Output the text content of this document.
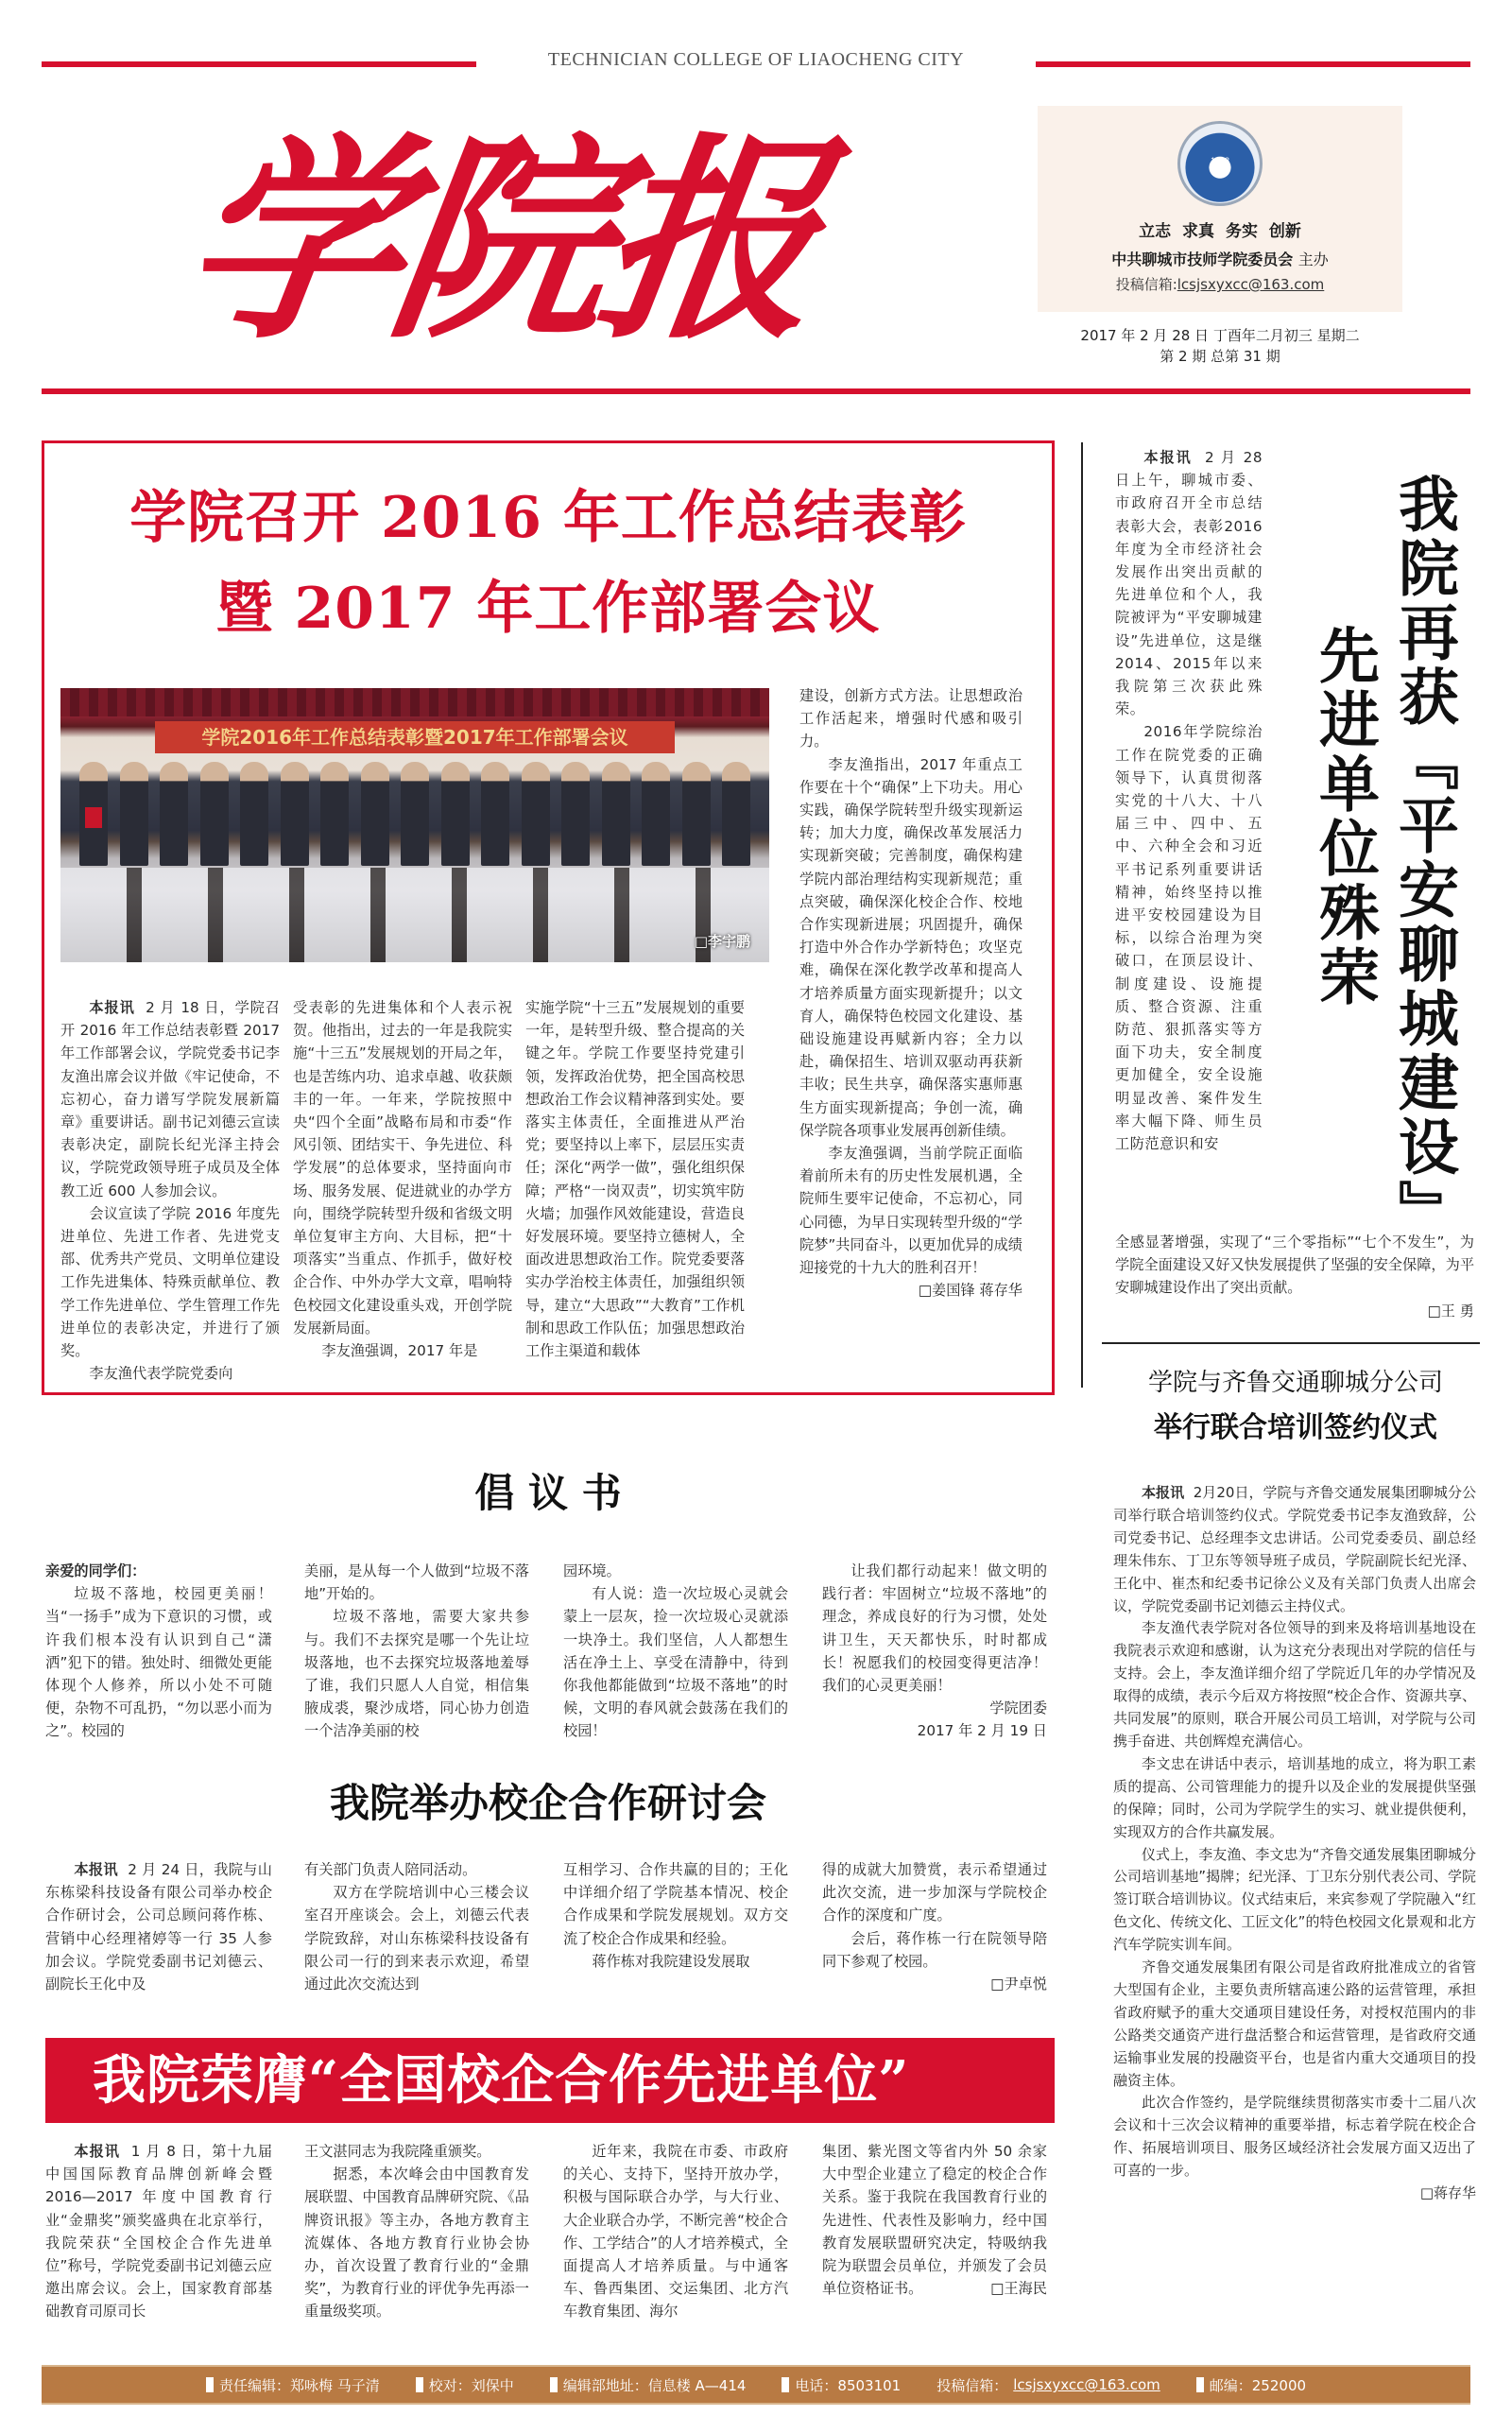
TECHNICIAN COLLEGE OF LIAOCHENG CITY
学院报	1953
立志 求真 务实 创新
中共聊城市技师学院委员会 主办
投稿信箱:lcsjsxyxcc@163.com
2017 年 2 月 28 日 丁酉年二月初三 星期二
第 2 期 总第 31 期
学院召开 2016 年工作总结表彰
暨 2017 年工作部署会议
学院2016年工作总结表彰暨2017年工作部署会议
□李宇鹏

本报讯 2 月 18 日，学院召开 2016 年工作总结表彰暨 2017 年工作部署会议，学院党委书记李友渔出席会议并做《牢记使命，不忘初心，奋力谱写学院发展新篇章》重要讲话。副书记刘德云宣读表彰决定，副院长纪光泽主持会议，学院党政领导班子成员及全体教工近 600 人参加会议。

会议宣读了学院 2016 年度先进单位、先进工作者、先进党支部、优秀共产党员、文明单位建设工作先进集体、特殊贡献单位、教学工作先进单位、学生管理工作先进单位的表彰决定，并进行了颁奖。

李友渔代表学院党委向

受表彰的先进集体和个人表示祝贺。他指出，过去的一年是我院实施“十三五”发展规划的开局之年，也是苦练内功、追求卓越、收获颇丰的一年。一年来，学院按照中央“四个全面”战略布局和市委“作风引领、团结实干、争先进位、科学发展”的总体要求，坚持面向市场、服务发展、促进就业的办学方向，围绕学院转型升级和省级文明单位复审主方向、大目标，把“十项落实”当重点、作抓手，做好校企合作、中外办学大文章，唱响特色校园文化建设重头戏，开创学院发展新局面。

李友渔强调，2017 年是

实施学院“十三五”发展规划的重要一年，是转型升级、整合提高的关键之年。学院工作要坚持党建引领，发挥政治优势，把全国高校思想政治工作会议精神落到实处。要落实主体责任，全面推进从严治党；要坚持以上率下，层层压实责任；深化“两学一做”，强化组织保障；严格“一岗双责”，切实筑牢防火墙；加强作风效能建设，营造良好发展环境。要坚持立德树人，全面改进思想政治工作。院党委要落实办学治校主体责任，加强组织领导，建立“大思政”“大教育”工作机制和思政工作队伍；加强思想政治工作主渠道和载体

建设，创新方式方法。让思想政治工作活起来，增强时代感和吸引力。

李友渔指出，2017 年重点工作要在十个“确保”上下功夫。用心实践，确保学院转型升级实现新运转；加大力度，确保改革发展活力实现新突破；完善制度，确保构建学院内部治理结构实现新规范；重点突破，确保深化校企合作、校地合作实现新进展；巩固提升，确保打造中外合作办学新特色；攻坚克难，确保在深化教学改革和提高人才培养质量方面实现新提升；以文育人，确保特色校园文化建设、基础设施建设再赋新内容；全力以赴，确保招生、培训双驱动再获新丰收；民生共享，确保落实惠师惠生方面实现新提高；争创一流，确保学院各项事业发展再创新佳绩。

李友渔强调，当前学院正面临着前所未有的历史性发展机遇，全院师生要牢记使命，不忘初心，同心同德，为早日实现转型升级的“学院梦”共同奋斗，以更加优异的成绩迎接党的十九大的胜利召开！

□姜国锋 蒋存华

本报讯 2 月 28 日上午，聊城市委、市政府召开全市总结表彰大会，表彰2016年度为全市经济社会发展作出突出贡献的先进单位和个人，我院被评为“平安聊城建设”先进单位，这是继2014、2015年以来我院第三次获此殊荣。

2016年学院综治工作在院党委的正确领导下，认真贯彻落实党的十八大、十八届三中、四中、五中、六种全会和习近平书记系列重要讲话精神，始终坚持以推进平安校园建设为目标，以综合治理为突破口，在顶层设计、制度建设、设施提质、整合资源、注重防范、狠抓落实等方面下功夫，安全制度更加健全，安全设施明显改善、案件发生率大幅下降、师生员工防范意识和安	我院再获『平安聊城建设』
先进单位殊荣

全感显著增强，实现了“三个零指标”“七个不发生”，为学院全面建设又好又快发展提供了坚强的安全保障，为平安聊城建设作出了突出贡献。

□王 勇

学院与齐鲁交通聊城分公司
举行联合培训签约仪式

本报讯 2月20日，学院与齐鲁交通发展集团聊城分公司举行联合培训签约仪式。学院党委书记李友渔致辞，公司党委书记、总经理李文忠讲话。公司党委委员、副总经理朱伟东、丁卫东等领导班子成员，学院副院长纪光泽、王化中、崔杰和纪委书记徐公义及有关部门负责人出席会议，学院党委副书记刘德云主持仪式。

李友渔代表学院对各位领导的到来及将培训基地设在我院表示欢迎和感谢，认为这充分表现出对学院的信任与支持。会上，李友渔详细介绍了学院近几年的办学情况及取得的成绩，表示今后双方将按照“校企合作、资源共享、共同发展”的原则，联合开展公司员工培训，对学院与公司携手奋进、共创辉煌充满信心。

李文忠在讲话中表示，培训基地的成立，将为职工素质的提高、公司管理能力的提升以及企业的发展提供坚强的保障；同时，公司为学院学生的实习、就业提供便利，实现双方的合作共赢发展。

仪式上，李友渔、李文忠为“齐鲁交通发展集团聊城分公司培训基地”揭牌；纪光泽、丁卫东分别代表公司、学院签订联合培训协议。仪式结束后，来宾参观了学院融入“红色文化、传统文化、工匠文化”的特色校园文化景观和北方汽车学院实训车间。

齐鲁交通发展集团有限公司是省政府批准成立的省管大型国有企业，主要负责所辖高速公路的运营管理，承担省政府赋予的重大交通项目建设任务，对授权范围内的非公路类交通资产进行盘活整合和运营管理，是省政府交通运输事业发展的投融资平台，也是省内重大交通项目的投融资主体。

此次合作签约，是学院继续贯彻落实市委十二届八次会议和十三次会议精神的重要举措，标志着学院在校企合作、拓展培训项目、服务区域经济社会发展方面又迈出了可喜的一步。

□蒋存华

倡 议 书

亲爱的同学们：

垃圾不落地，校园更美丽！当“一扬手”成为下意识的习惯，或许我们根本没有认识到自己“潇洒”犯下的错。独处时、细微处更能体现个人修养，所以小处不可随便，杂物不可乱扔，“勿以恶小而为之”。校园的

美丽，是从每一个人做到“垃圾不落地”开始的。

垃圾不落地，需要大家共参与。我们不去探究是哪一个先让垃圾落地，也不去探究垃圾落地羞辱了谁，我们只愿人人自觉，相信集腋成裘，聚沙成塔，同心协力创造一个洁净美丽的校

园环境。

有人说：造一次垃圾心灵就会蒙上一层灰，捡一次垃圾心灵就添一块净土。我们坚信，人人都想生活在净土上、享受在清静中，待到你我他都能做到“垃圾不落地”的时候，文明的春风就会鼓荡在我们的校园！

让我们都行动起来！做文明的践行者：牢固树立“垃圾不落地”的理念，养成良好的行为习惯，处处讲卫生，天天都快乐，时时都成长！祝愿我们的校园变得更洁净！我们的心灵更美丽！

学院团委

2017 年 2 月 19 日

我院举办校企合作研讨会

本报讯 2 月 24 日，我院与山东栋梁科技设备有限公司举办校企合作研讨会，公司总顾问蒋作栋、营销中心经理褚婷等一行 35 人参加会议。学院党委副书记刘德云、副院长王化中及

有关部门负责人陪同活动。

双方在学院培训中心三楼会议室召开座谈会。会上，刘德云代表学院致辞，对山东栋梁科技设备有限公司一行的到来表示欢迎，希望通过此次交流达到

互相学习、合作共赢的目的；王化中详细介绍了学院基本情况、校企合作成果和学院发展规划。双方交流了校企合作成果和经验。

蒋作栋对我院建设发展取

得的成就大加赞赏，表示希望通过此次交流，进一步加深与学院校企合作的深度和广度。

会后，蒋作栋一行在院领导陪同下参观了校园。

□尹卓悦

我院荣膺“全国校企合作先进单位”

本报讯 1 月 8 日，第十九届中国国际教育品牌创新峰会暨 2016—2017 年度中国教育行业“金鼎奖”颁奖盛典在北京举行，我院荣获“全国校企合作先进单位”称号，学院党委副书记刘德云应邀出席会议。会上，国家教育部基础教育司原司长

王文湛同志为我院隆重颁奖。

据悉，本次峰会由中国教育发展联盟、中国教育品牌研究院、《品牌资讯报》等主办，各地方教育主流媒体、各地方教育行业协会协办，首次设置了教育行业的“金鼎奖”，为教育行业的评优争先再添一重量级奖项。

近年来，我院在市委、市政府的关心、支持下，坚持开放办学，积极与国际联合办学，与大行业、大企业联合办学，不断完善“校企合作、工学结合”的人才培养模式，全面提高人才培养质量。与中通客车、鲁西集团、交运集团、北方汽车教育集团、海尔

集团、紫光图文等省内外 50 余家大中型企业建立了稳定的校企合作关系。鉴于我院在我国教育行业的先进性、代表性及影响力，经中国教育发展联盟研究决定，特吸纳我院为联盟会员单位，并颁发了会员单位资格证书。	□王海民

责任编辑：郑咏梅 马子清	校对：刘保中	编辑部地址：信息楼 A—414	电话：8503101	投稿信箱： lcsjsxyxcc@163.com	邮编：252000
